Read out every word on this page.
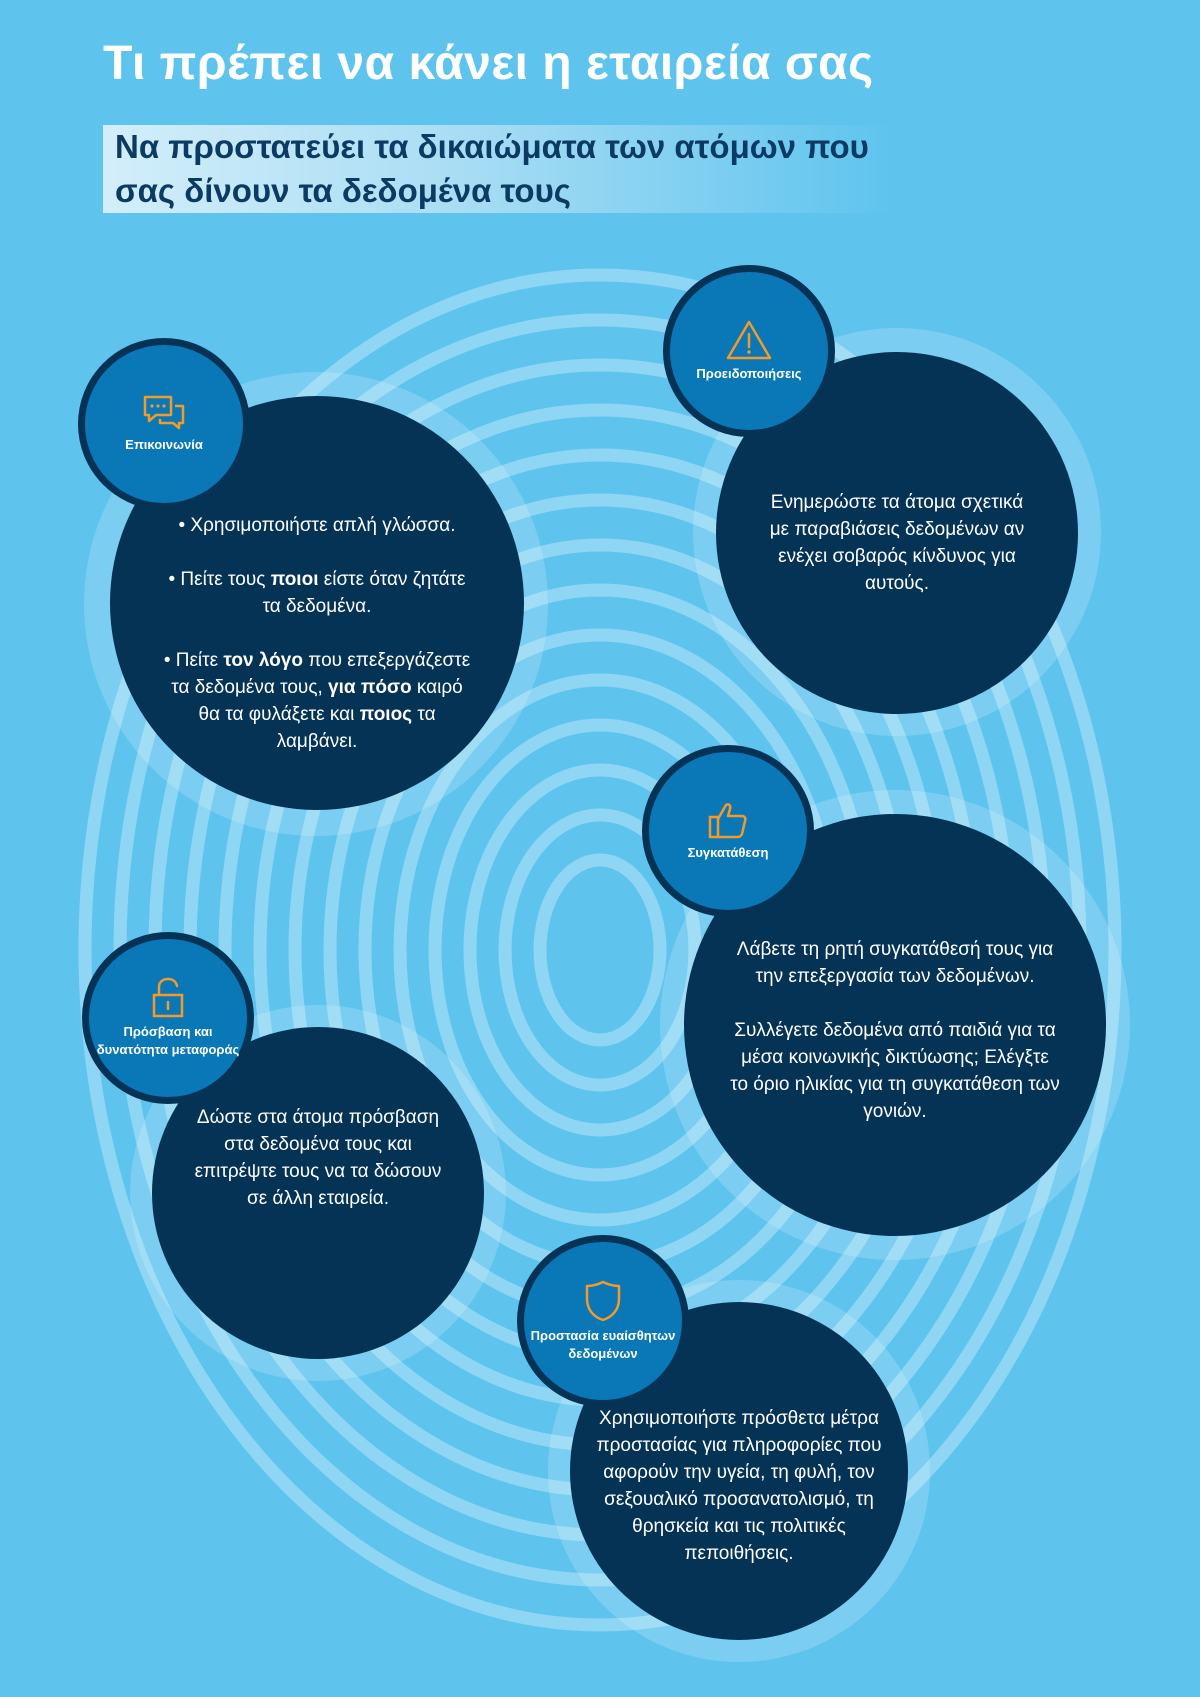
Τι πρέπει να κάνει η εταιρεία σας
Να προστατεύει τα δικαιώματα των ατόμων που
σας δίνουν τα δεδομένα τους

• Χρησιμοποιήστε απλή γλώσσα.

• Πείτε τους ποιοι είστε όταν ζητάτε τα δεδομένα.

• Πείτε τον λόγο που επεξεργάζεστε τα δεδομένα τους, για πόσο καιρό θα τα φυλάξετε και ποιος τα λαμβάνει.

Επικοινωνία
Ενημερώστε τα άτομα σχετικά με παραβιάσεις δεδομένων αν ενέχει σοβαρός κίνδυνος για αυτούς.
Προειδοποιήσεις

Λάβετε τη ρητή συγκατάθεσή τους για την επεξεργασία των δεδομένων.

Συλλέγετε δεδομένα από παιδιά για τα μέσα κοινωνικής δικτύωσης; Ελέγξτε το όριο ηλικίας για τη συγκατάθεση των γονιών.

Συγκατάθεση
Δώστε στα άτομα πρόσβαση στα δεδομένα τους και επιτρέψτε τους να τα δώσουν σε άλλη εταιρεία.
Πρόσβαση και δυνατότητα μεταφοράς
Χρησιμοποιήστε πρόσθετα μέτρα προστασίας για πληροφορίες που αφορούν την υγεία, τη φυλή, τον σεξουαλικό προσανατολισμό, τη θρησκεία και τις πολιτικές πεποιθήσεις.
Προστασία ευαίσθητων δεδομένων
